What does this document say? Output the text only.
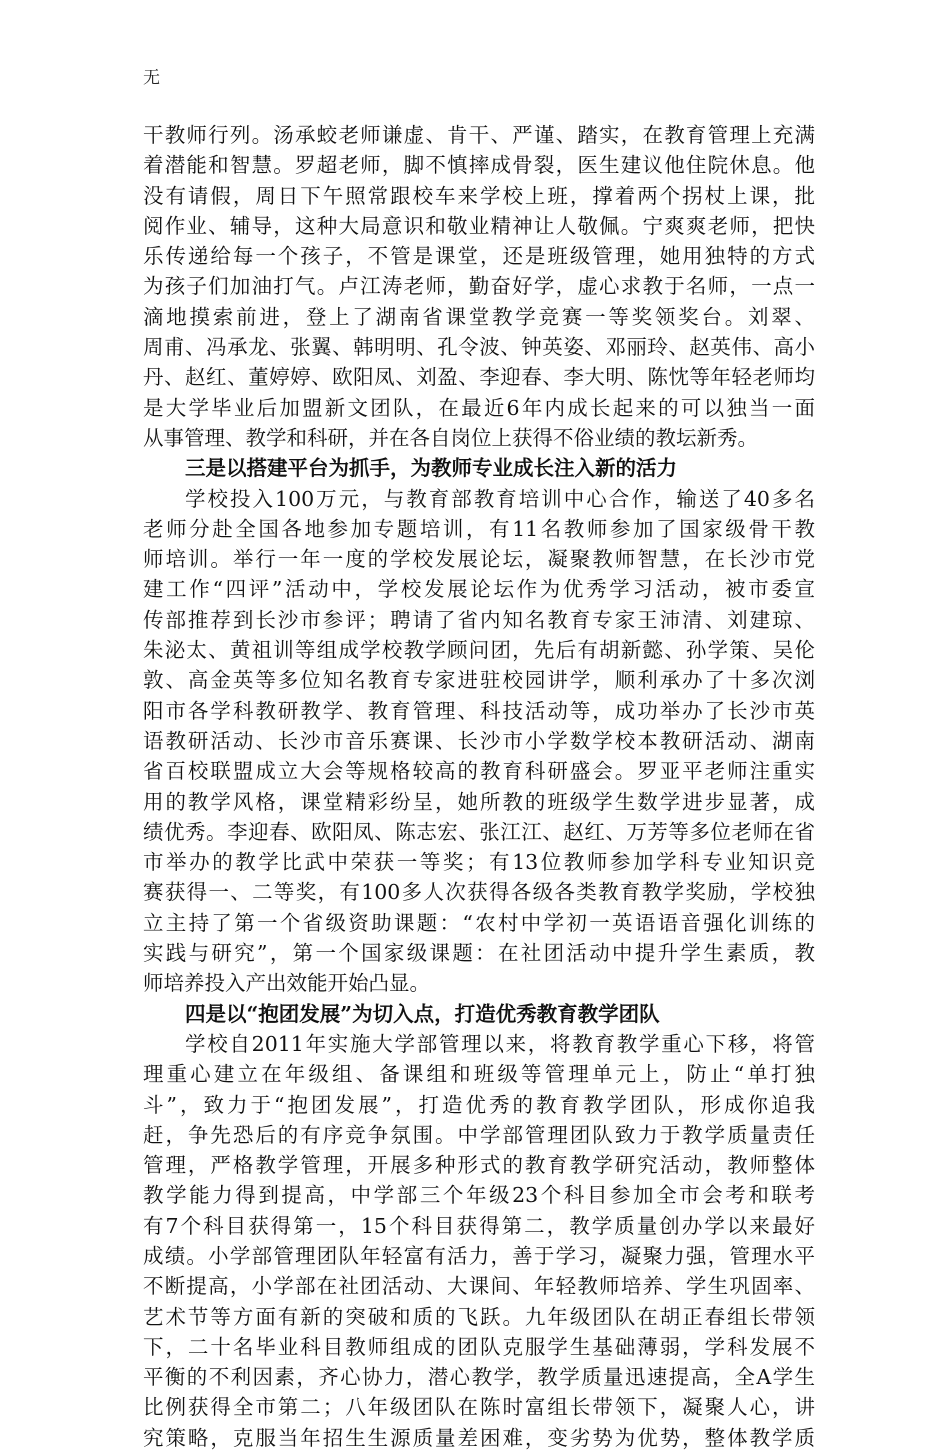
无
干教师行列。汤承蛟老师谦虚、肯干、严谨、踏实，在教育管理上充满
着潜能和智慧。罗超老师，脚不慎摔成骨裂，医生建议他住院休息。他
没有请假，周日下午照常跟校车来学校上班，撑着两个拐杖上课，批
阅作业、辅导，这种大局意识和敬业精神让人敬佩。宁爽爽老师，把快
乐传递给每一个孩子，不管是课堂，还是班级管理，她用独特的方式
为孩子们加油打气。卢江涛老师，勤奋好学，虚心求教于名师，一点一
滴地摸索前进，登上了湖南省课堂教学竞赛一等奖领奖台。刘翠、
周甫、冯承龙、张翼、韩明明、孔令波、钟英姿、邓丽玲、赵英伟、高小
丹、赵红、董婷婷、欧阳凤、刘盈、李迎春、李大明、陈忱等年轻老师均
是大学毕业后加盟新文团队，在最近6年内成长起来的可以独当一面
从事管理、教学和科研，并在各自岗位上获得不俗业绩的教坛新秀。
三是以搭建平台为抓手，为教师专业成长注入新的活力
学校投入100万元，与教育部教育培训中心合作，输送了40多名
老师分赴全国各地参加专题培训，有11名教师参加了国家级骨干教
师培训。举行一年一度的学校发展论坛，凝聚教师智慧，在长沙市党
建工作“四评”活动中，学校发展论坛作为优秀学习活动，被市委宣
传部推荐到长沙市参评；聘请了省内知名教育专家王沛清、刘建琼、
朱泌太、黄祖训等组成学校教学顾问团，先后有胡新懿、孙学策、吴伦
敦、高金英等多位知名教育专家进驻校园讲学，顺利承办了十多次浏
阳市各学科教研教学、教育管理、科技活动等，成功举办了长沙市英
语教研活动、长沙市音乐赛课、长沙市小学数学校本教研活动、湖南
省百校联盟成立大会等规格较高的教育科研盛会。罗亚平老师注重实
用的教学风格，课堂精彩纷呈，她所教的班级学生数学进步显著，成
绩优秀。李迎春、欧阳凤、陈志宏、张江江、赵红、万芳等多位老师在省
市举办的教学比武中荣获一等奖；有13位教师参加学科专业知识竞
赛获得一、二等奖，有100多人次获得各级各类教育教学奖励，学校独
立主持了第一个省级资助课题：“农村中学初一英语语音强化训练的
实践与研究”，第一个国家级课题：在社团活动中提升学生素质，教
师培养投入产出效能开始凸显。
四是以“抱团发展”为切入点，打造优秀教育教学团队
学校自2011年实施大学部管理以来，将教育教学重心下移，将管
理重心建立在年级组、备课组和班级等管理单元上，防止“单打独
斗”，致力于“抱团发展”，打造优秀的教育教学团队，形成你追我
赶，争先恐后的有序竞争氛围。中学部管理团队致力于教学质量责任
管理，严格教学管理，开展多种形式的教育教学研究活动，教师整体
教学能力得到提高，中学部三个年级23个科目参加全市会考和联考
有7个科目获得第一，15个科目获得第二，教学质量创办学以来最好
成绩。小学部管理团队年轻富有活力，善于学习，凝聚力强，管理水平
不断提高，小学部在社团活动、大课间、年轻教师培养、学生巩固率、
艺术节等方面有新的突破和质的飞跃。九年级团队在胡正春组长带领
下，二十名毕业科目教师组成的团队克服学生基础薄弱，学科发展不
平衡的不利因素，齐心协力，潜心教学，教学质量迅速提高，全A学生
比例获得全市第二；八年级团队在陈时富组长带领下，凝聚人心，讲
究策略，克服当年招生生源质量差困难，变劣势为优势，整体教学质
